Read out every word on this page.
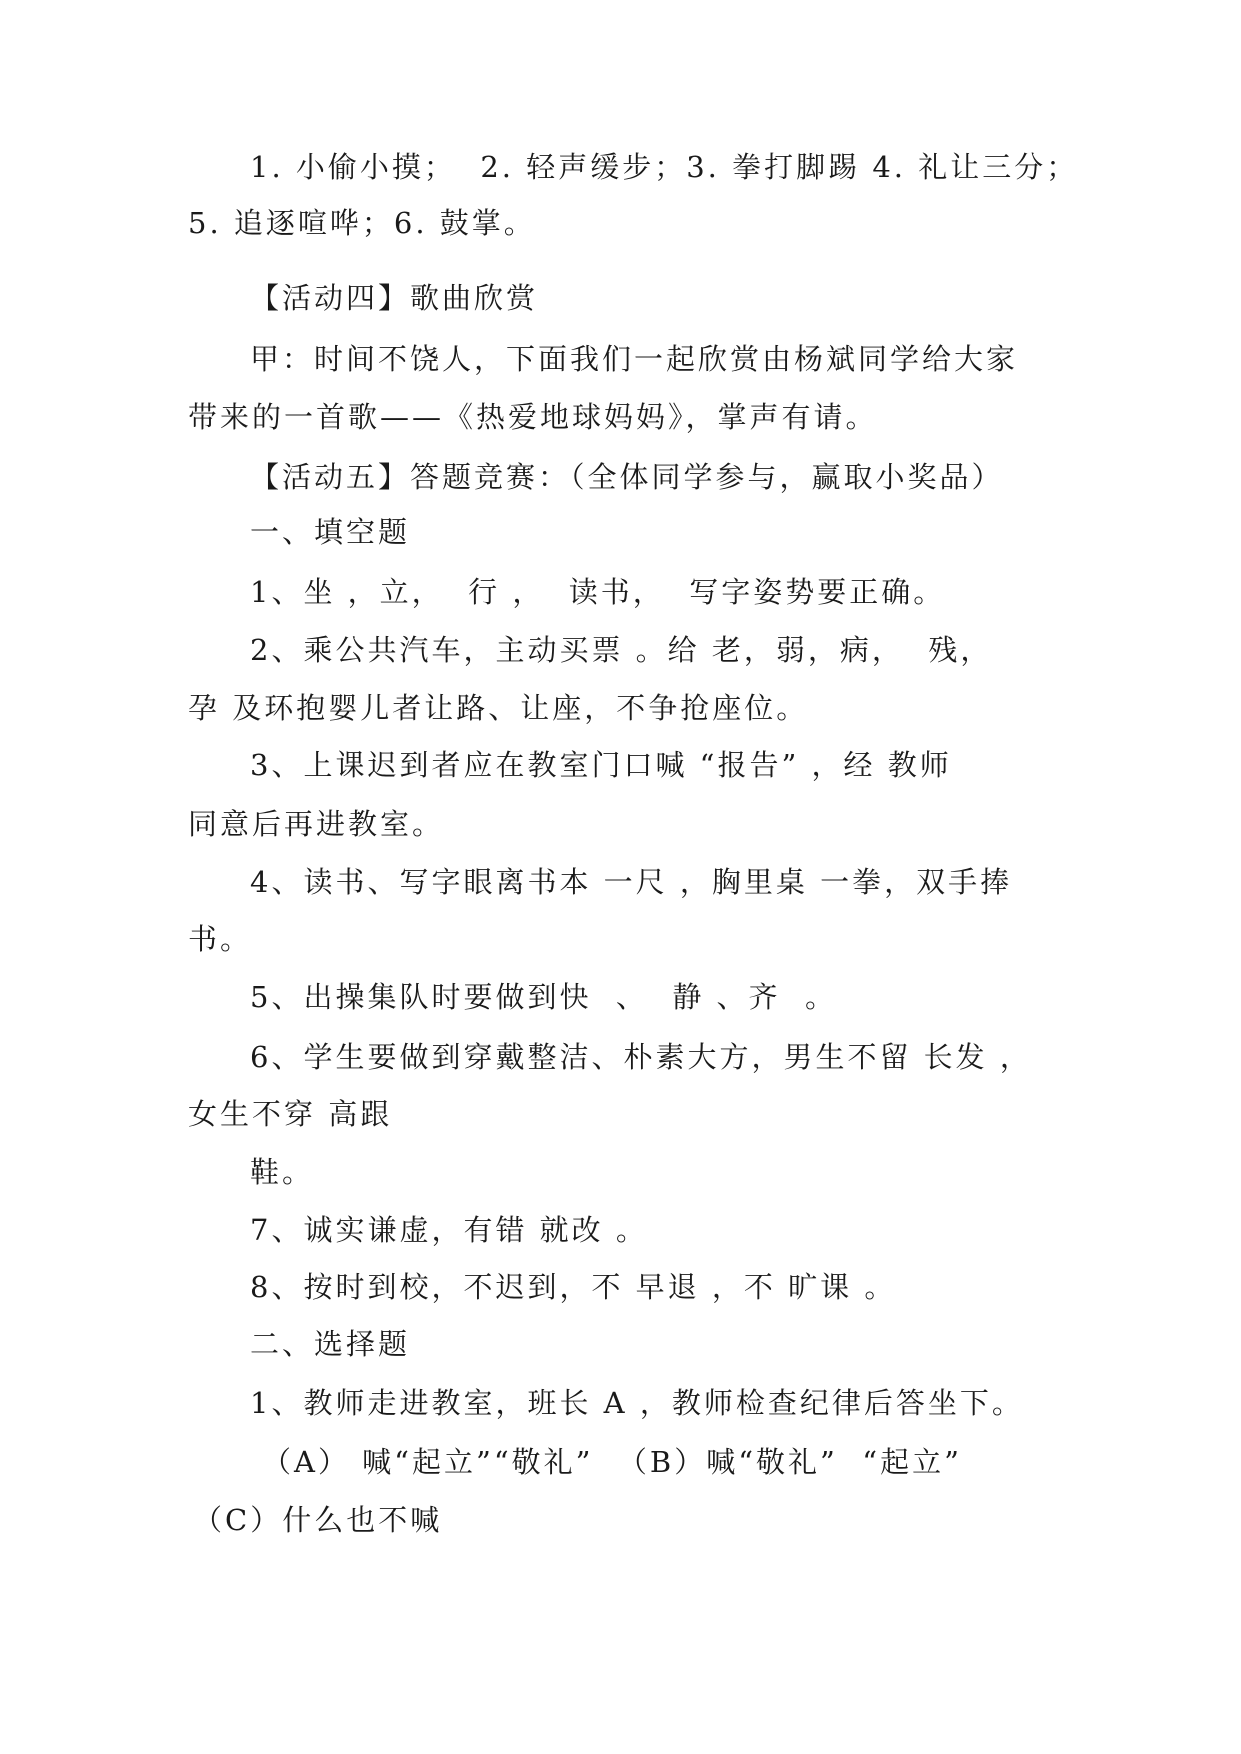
1. 小偷小摸；  2. 轻声缓步；3. 拳打脚踢 4. 礼让三分；
5. 追逐喧哗；6. 鼓掌。
【活动四】歌曲欣赏
甲：时间不饶人，下面我们一起欣赏由杨斌同学给大家
带来的一首歌——《热爱地球妈妈》，掌声有请。
【活动五】答题竞赛：（全体同学参与，赢取小奖品）
一、填空题
1、坐 ，立，  行 ，  读书，  写字姿势要正确。
2、乘公共汽车，主动买票 。给 老，弱，病，  残，
孕 及环抱婴儿者让路、让座，不争抢座位。
3、上课迟到者应在教室门口喊 “报告” ，经 教师
同意后再进教室。
4、读书、写字眼离书本 一尺 ，胸里桌 一拳，双手捧
书。
5、出操集队时要做到快  、  静 、齐  。
6、学生要做到穿戴整洁、朴素大方，男生不留 长发 ，
女生不穿 高跟
鞋。
7、诚实谦虚，有错 就改 。
8、按时到校，不迟到，不 早退 ，不 旷课 。
二、选择题
1、教师走进教室，班长 A ，教师检查纪律后答坐下。
（A） 喊“起立”“敬礼”  （B）喊“敬礼”  “起立”
（C）什么也不喊
